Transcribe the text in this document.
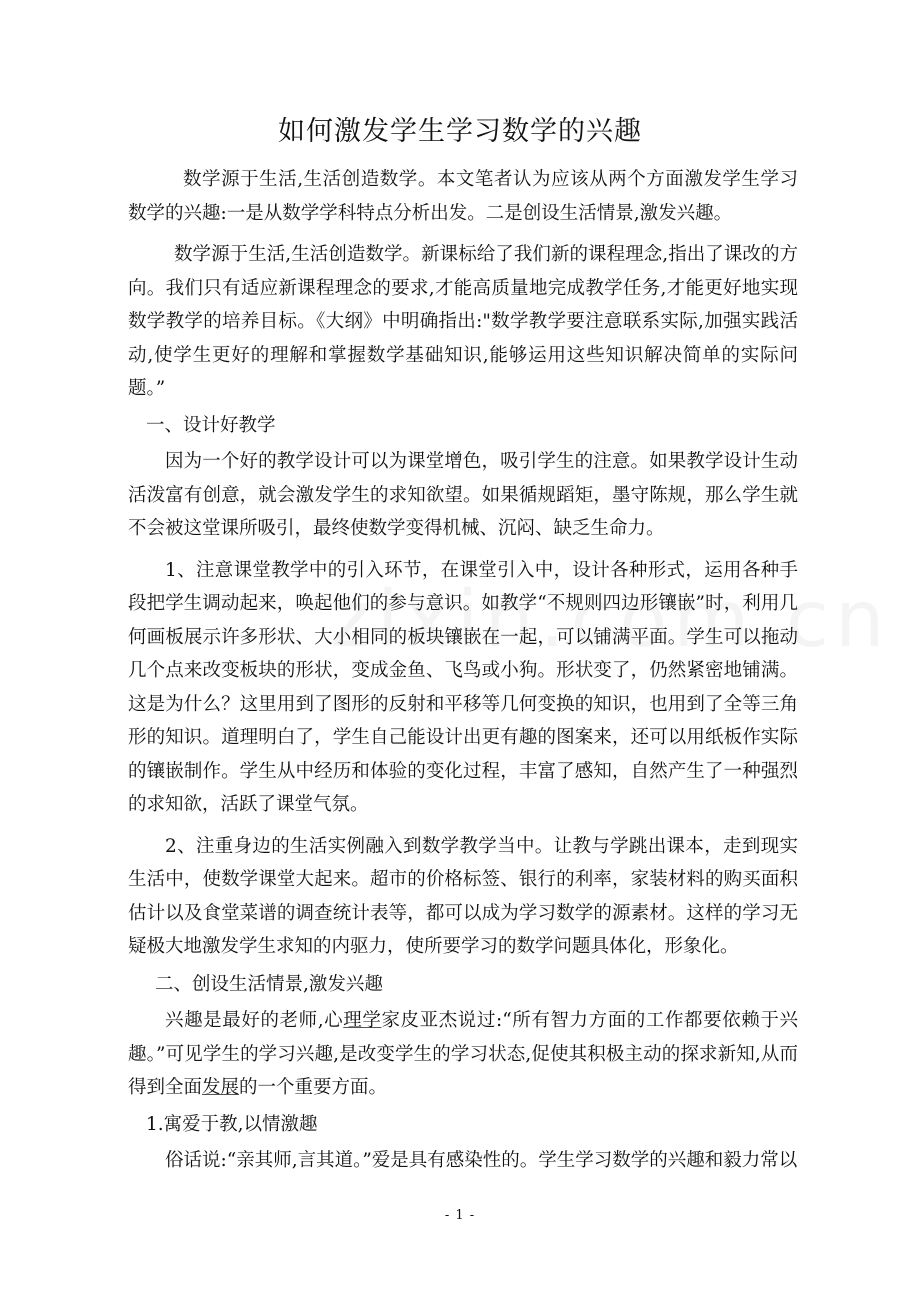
如何激发学生学习数学的兴趣

数学源于生活,生活创造数学。本文笔者认为应该从两个方面激发学生学习数学的兴趣:一是从数学学科特点分析出发。二是创设生活情景,激发兴趣。

数学源于生活,生活创造数学。新课标给了我们新的课程理念,指出了课改的方向。我们只有适应新课程理念的要求,才能高质量地完成教学任务,才能更好地实现数学教学的培养目标。《大纲》中明确指出:"数学教学要注意联系实际,加强实践活动,使学生更好的理解和掌握数学基础知识,能够运用这些知识解决简单的实际问题。”

一、设计好教学

因为一个好的教学设计可以为课堂增色，吸引学生的注意。如果教学设计生动活泼富有创意，就会激发学生的求知欲望。如果循规蹈矩，墨守陈规，那么学生就不会被这堂课所吸引，最终使数学变得机械、沉闷、缺乏生命力。

1、注意课堂教学中的引入环节，在课堂引入中，设计各种形式，运用各种手段把学生调动起来，唤起他们的参与意识。如教学“不规则四边形镶嵌”时，利用几何画板展示许多形状、大小相同的板块镶嵌在一起，可以铺满平面。学生可以拖动几个点来改变板块的形状，变成金鱼、飞鸟或小狗。形状变了，仍然紧密地铺满。这是为什么？这里用到了图形的反射和平移等几何变换的知识，也用到了全等三角形的知识。道理明白了，学生自己能设计出更有趣的图案来，还可以用纸板作实际的镶嵌制作。学生从中经历和体验的变化过程，丰富了感知，自然产生了一种强烈的求知欲，活跃了课堂气氛。

2、注重身边的生活实例融入到数学教学当中。让教与学跳出课本，走到现实生活中，使数学课堂大起来。超市的价格标签、银行的利率，家装材料的购买面积估计以及食堂菜谱的调查统计表等，都可以成为学习数学的源素材。这样的学习无疑极大地激发学生求知的内驱力，使所要学习的数学问题具体化，形象化。

二、创设生活情景,激发兴趣

兴趣是最好的老师,心理学家皮亚杰说过:“所有智力方面的工作都要依赖于兴趣。”可见学生的学习兴趣,是改变学生的学习状态,促使其积极主动的探求新知,从而得到全面发展的一个重要方面。

1.寓爱于教,以情激趣

俗话说:“亲其师,言其道。”爱是具有感染性的。学生学习数学的兴趣和毅力常以

- 1 -
